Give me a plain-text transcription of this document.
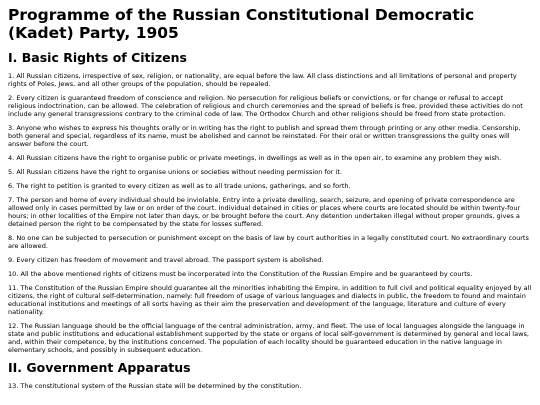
Programme of the Russian Constitutional Democratic (Kadet) Party, 1905
I. Basic Rights of Citizens

1. All Russian citizens, irrespective of sex, religion, or nationality, are equal before the law. All class distinctions and all limitations of personal and property rights of Poles, Jews, and all other groups of the population, should be repealed.

2. Every citizen is guaranteed freedom of conscience and religion. No persecution for religious beliefs or convictions, or for change or refusal to accept religious indoctrination, can be allowed. The celebration of religious and church ceremonies and the spread of beliefs is free, provided these activities do not include any general transgressions contrary to the criminal code of law. The Orthodox Church and other religions should be freed from state protection.

3. Anyone who wishes to express his thoughts orally or in writing has the right to publish and spread them through printing or any other media. Censorship, both general and special, regardless of its name, must be abolished and cannot be reinstated. For their oral or written transgressions the guilty ones will answer before the court.

4. All Russian citizens have the right to organise public or private meetings, in dwellings as well as in the open air, to examine any problem they wish.

5. All Russian citizens have the right to organise unions or societies without needing permission for it.

6. The right to petition is granted to every citizen as well as to all trade unions, gatherings, and so forth.

7. The person and home of every individual should be inviolable. Entry into a private dwelling, search, seizure, and opening of private correspondence are allowed only in cases permitted by law or on order of the court. Individual detained in cities or places where courts are located should be within twenty-four hours; in other localities of the Empire not later than days, or be brought before the court. Any detention undertaken illegal without proper grounds, gives a detained person the right to be compensated by the state for losses suffered.

8. No one can be subjected to persecution or punishment except on the basis of law by court authorities in a legally constituted court. No extraordinary courts are allowed.

9. Every citizen has freedom of movement and travel abroad. The passport system is abolished.

10. All the above mentioned rights of citizens must be incorporated into the Constitution of the Russian Empire and be guaranteed by courts.

11. The Constitution of the Russian Empire should guarantee all the minorities inhabiting the Empire, in addition to full civil and political equality enjoyed by all citizens, the right of cultural self-determination, namely: full freedom of usage of various languages and dialects in public, the freedom to found and maintain educational institutions and meetings of all sorts having as their aim the preservation and development of the language, literature and culture of every nationality.

12. The Russian language should be the official language of the central administration, army, and fleet. The use of local languages alongside the language in state and public institutions and educational establishment supported by the state or organs of local self-government is determined by general and local laws, and, within their competence, by the institutions concerned. The population of each locality should be guaranteed education in the native language in elementary schools, and possibly in subsequent education.

II. Government Apparatus

13. The constitutional system of the Russian state will be determined by the constitution.
